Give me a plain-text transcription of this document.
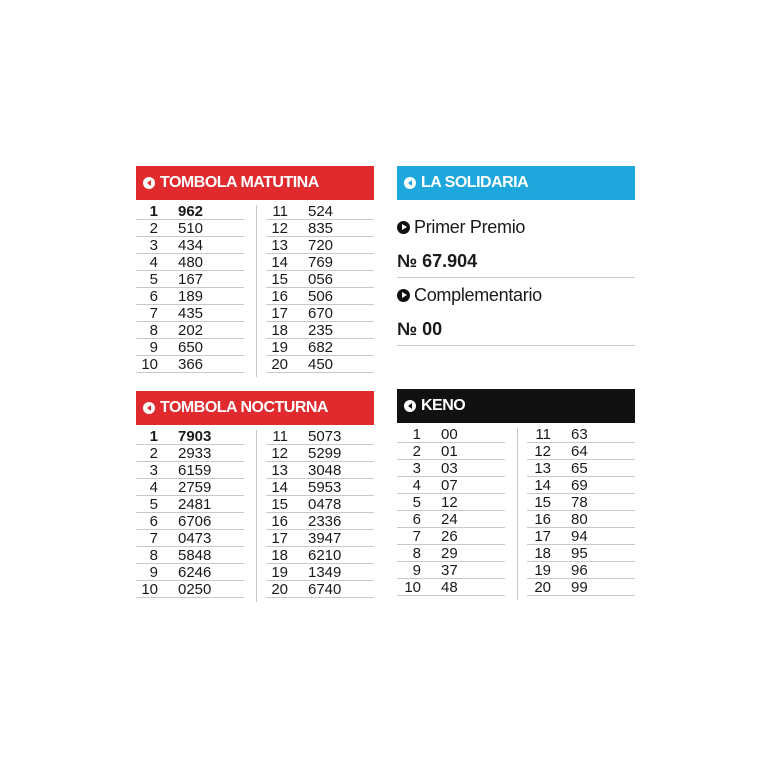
TOMBOLA MATUTINA
1	962
2	510
3	434
4	480
5	167
6	189
7	435
8	202
9	650
10	366
11	524
12	835
13	720
14	769
15	056
16	506
17	670
18	235
19	682
20	450
TOMBOLA NOCTURNA
1	7903
2	2933
3	6159
4	2759
5	2481
6	6706
7	0473
8	5848
9	6246
10	0250
11	5073
12	5299
13	3048
14	5953
15	0478
16	2336
17	3947
18	6210
19	1349
20	6740
LA SOLIDARIA
Primer Premio
№ 67.904
Complementario
№ 00
KENO
1	00
2	01
3	03
4	07
5	12
6	24
7	26
8	29
9	37
10	48
11	63
12	64
13	65
14	69
15	78
16	80
17	94
18	95
19	96
20	99
